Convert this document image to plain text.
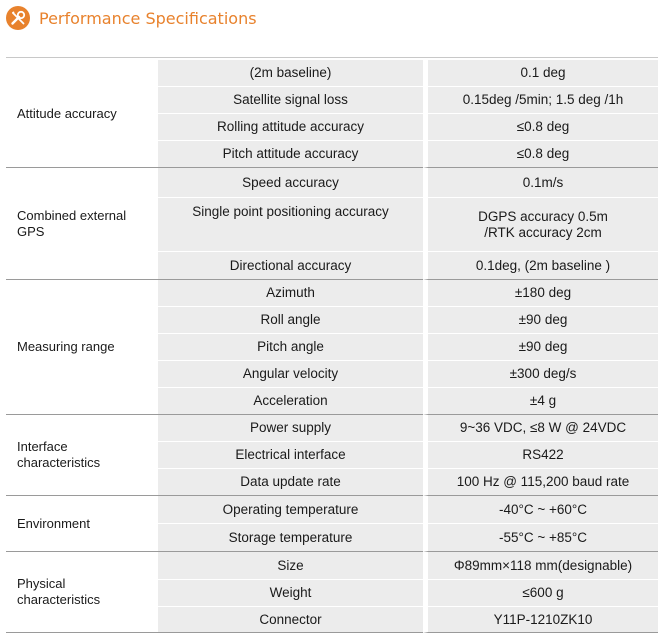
Performance Specifications
Attitude accuracy
(2m baseline)	0.1 deg
Satellite signal loss	0.15deg /5min; 1.5 deg /1h
Rolling attitude accuracy	≤0.8 deg
Pitch attitude accuracy	≤0.8 deg
Combined external
GPS
Speed accuracy	0.1m/s
Single point positioning accuracy	DGPS accuracy 0.5m
/RTK accuracy 2cm
Directional accuracy	0.1deg, (2m baseline )
Measuring range
Azimuth	±180 deg
Roll angle	±90 deg
Pitch angle	±90 deg
Angular velocity	±300 deg/s
Acceleration	±4 g
Interface
characteristics
Power supply	9~36 VDC, ≤8 W @ 24VDC
Electrical interface	RS422
Data update rate	100 Hz @ 115,200 baud rate
Environment
Operating temperature	-40°C ~ +60°C
Storage temperature	-55°C ~ +85°C
Physical
characteristics
Size	Φ89mm×118 mm(designable)
Weight	≤600 g
Connector	Y11P-1210ZK10
